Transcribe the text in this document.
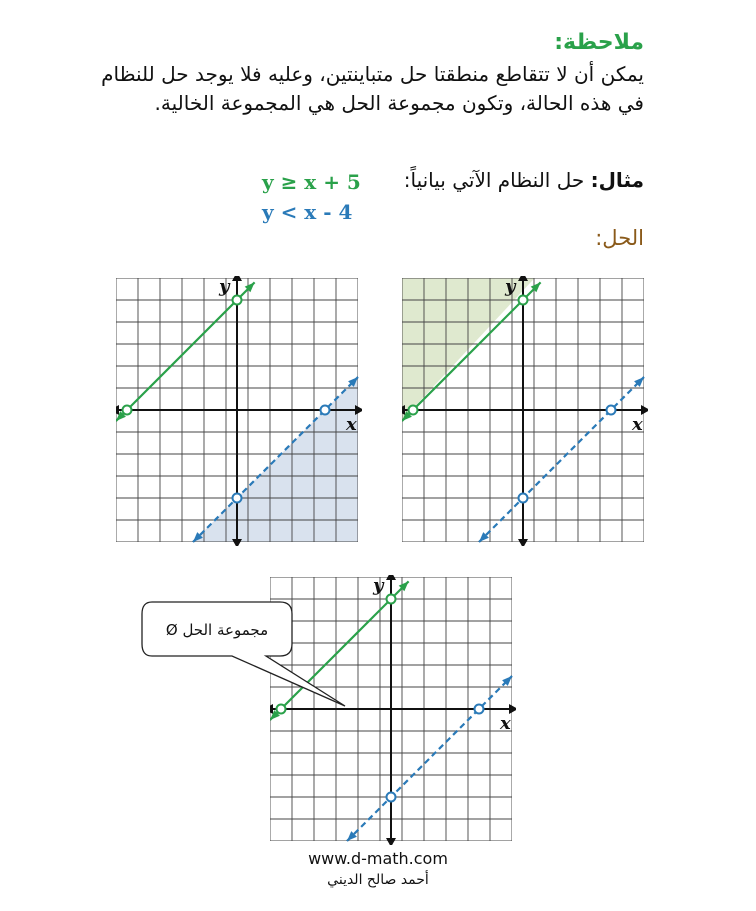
ملاحظة:
يمكن أن لا تتقاطع منطقتا حل متباينتين، وعليه فلا يوجد حل للنظام في هذه الحالة، وتكون مجموعة الحل هي المجموعة الخالية.
مثال: حل النظام الآتي بيانياً:
y ≥ x + 5
y < x - 4
الحل:
x
y
x
y
x
y
مجموعة الحل Ø
www.d-math.com
أحمد صالح الديني
